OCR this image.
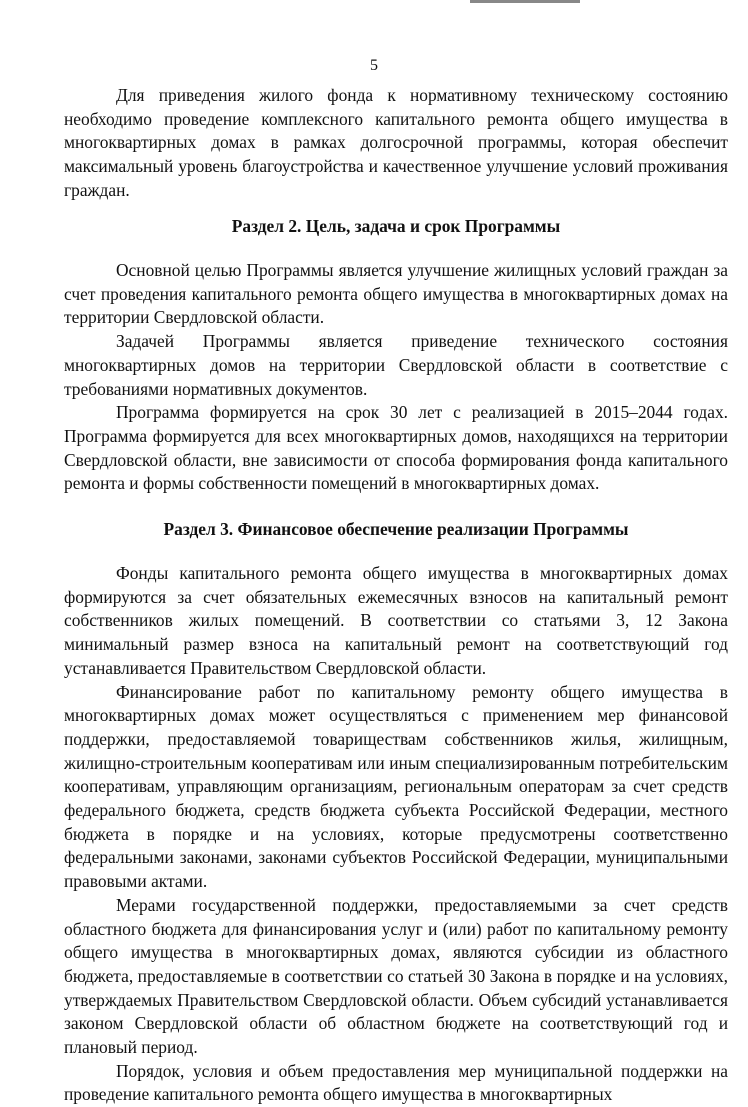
5

Для приведения жилого фонда к нормативному техническому состоянию необходимо проведение комплексного капитального ремонта общего имущества в многоквартирных домах в рамках долгосрочной программы, которая обеспечит максимальный уровень благоустройства и качественное улучшение условий проживания граждан.

Раздел 2. Цель, задача и срок Программы

Основной целью Программы является улучшение жилищных условий граждан за счет проведения капитального ремонта общего имущества в многоквартирных домах на территории Свердловской области.

Задачей Программы является приведение технического состояния многоквартирных домов на территории Свердловской области в соответствие с требованиями нормативных документов.

Программа формируется на срок 30 лет с реализацией в 2015–2044 годах. Программа формируется для всех многоквартирных домов, находящихся на территории Свердловской области, вне зависимости от способа формирования фонда капитального ремонта и формы собственности помещений в многоквартирных домах.

Раздел 3. Финансовое обеспечение реализации Программы

Фонды капитального ремонта общего имущества в многоквартирных домах формируются за счет обязательных ежемесячных взносов на капитальный ремонт собственников жилых помещений. В соответствии со статьями 3, 12 Закона минимальный размер взноса на капитальный ремонт на соответствующий год устанавливается Правительством Свердловской области.

Финансирование работ по капитальному ремонту общего имущества в многоквартирных домах может осуществляться с применением мер финансовой поддержки, предоставляемой товариществам собственников жилья, жилищным, жилищно-строительным кооперативам или иным специализированным потребительским кооперативам, управляющим организациям, региональным операторам за счет средств федерального бюджета, средств бюджета субъекта Российской Федерации, местного бюджета в порядке и на условиях, которые предусмотрены соответственно федеральными законами, законами субъектов Российской Федерации, муниципальными правовыми актами.

Мерами государственной поддержки, предоставляемыми за счет средств областного бюджета для финансирования услуг и (или) работ по капитальному ремонту общего имущества в многоквартирных домах, являются субсидии из областного бюджета, предоставляемые в соответствии со статьей 30 Закона в порядке и на условиях, утверждаемых Правительством Свердловской области. Объем субсидий устанавливается законом Свердловской области об областном бюджете на соответствующий год и плановый период.

Порядок, условия и объем предоставления мер муниципальной поддержки на проведение капитального ремонта общего имущества в многоквартирных
